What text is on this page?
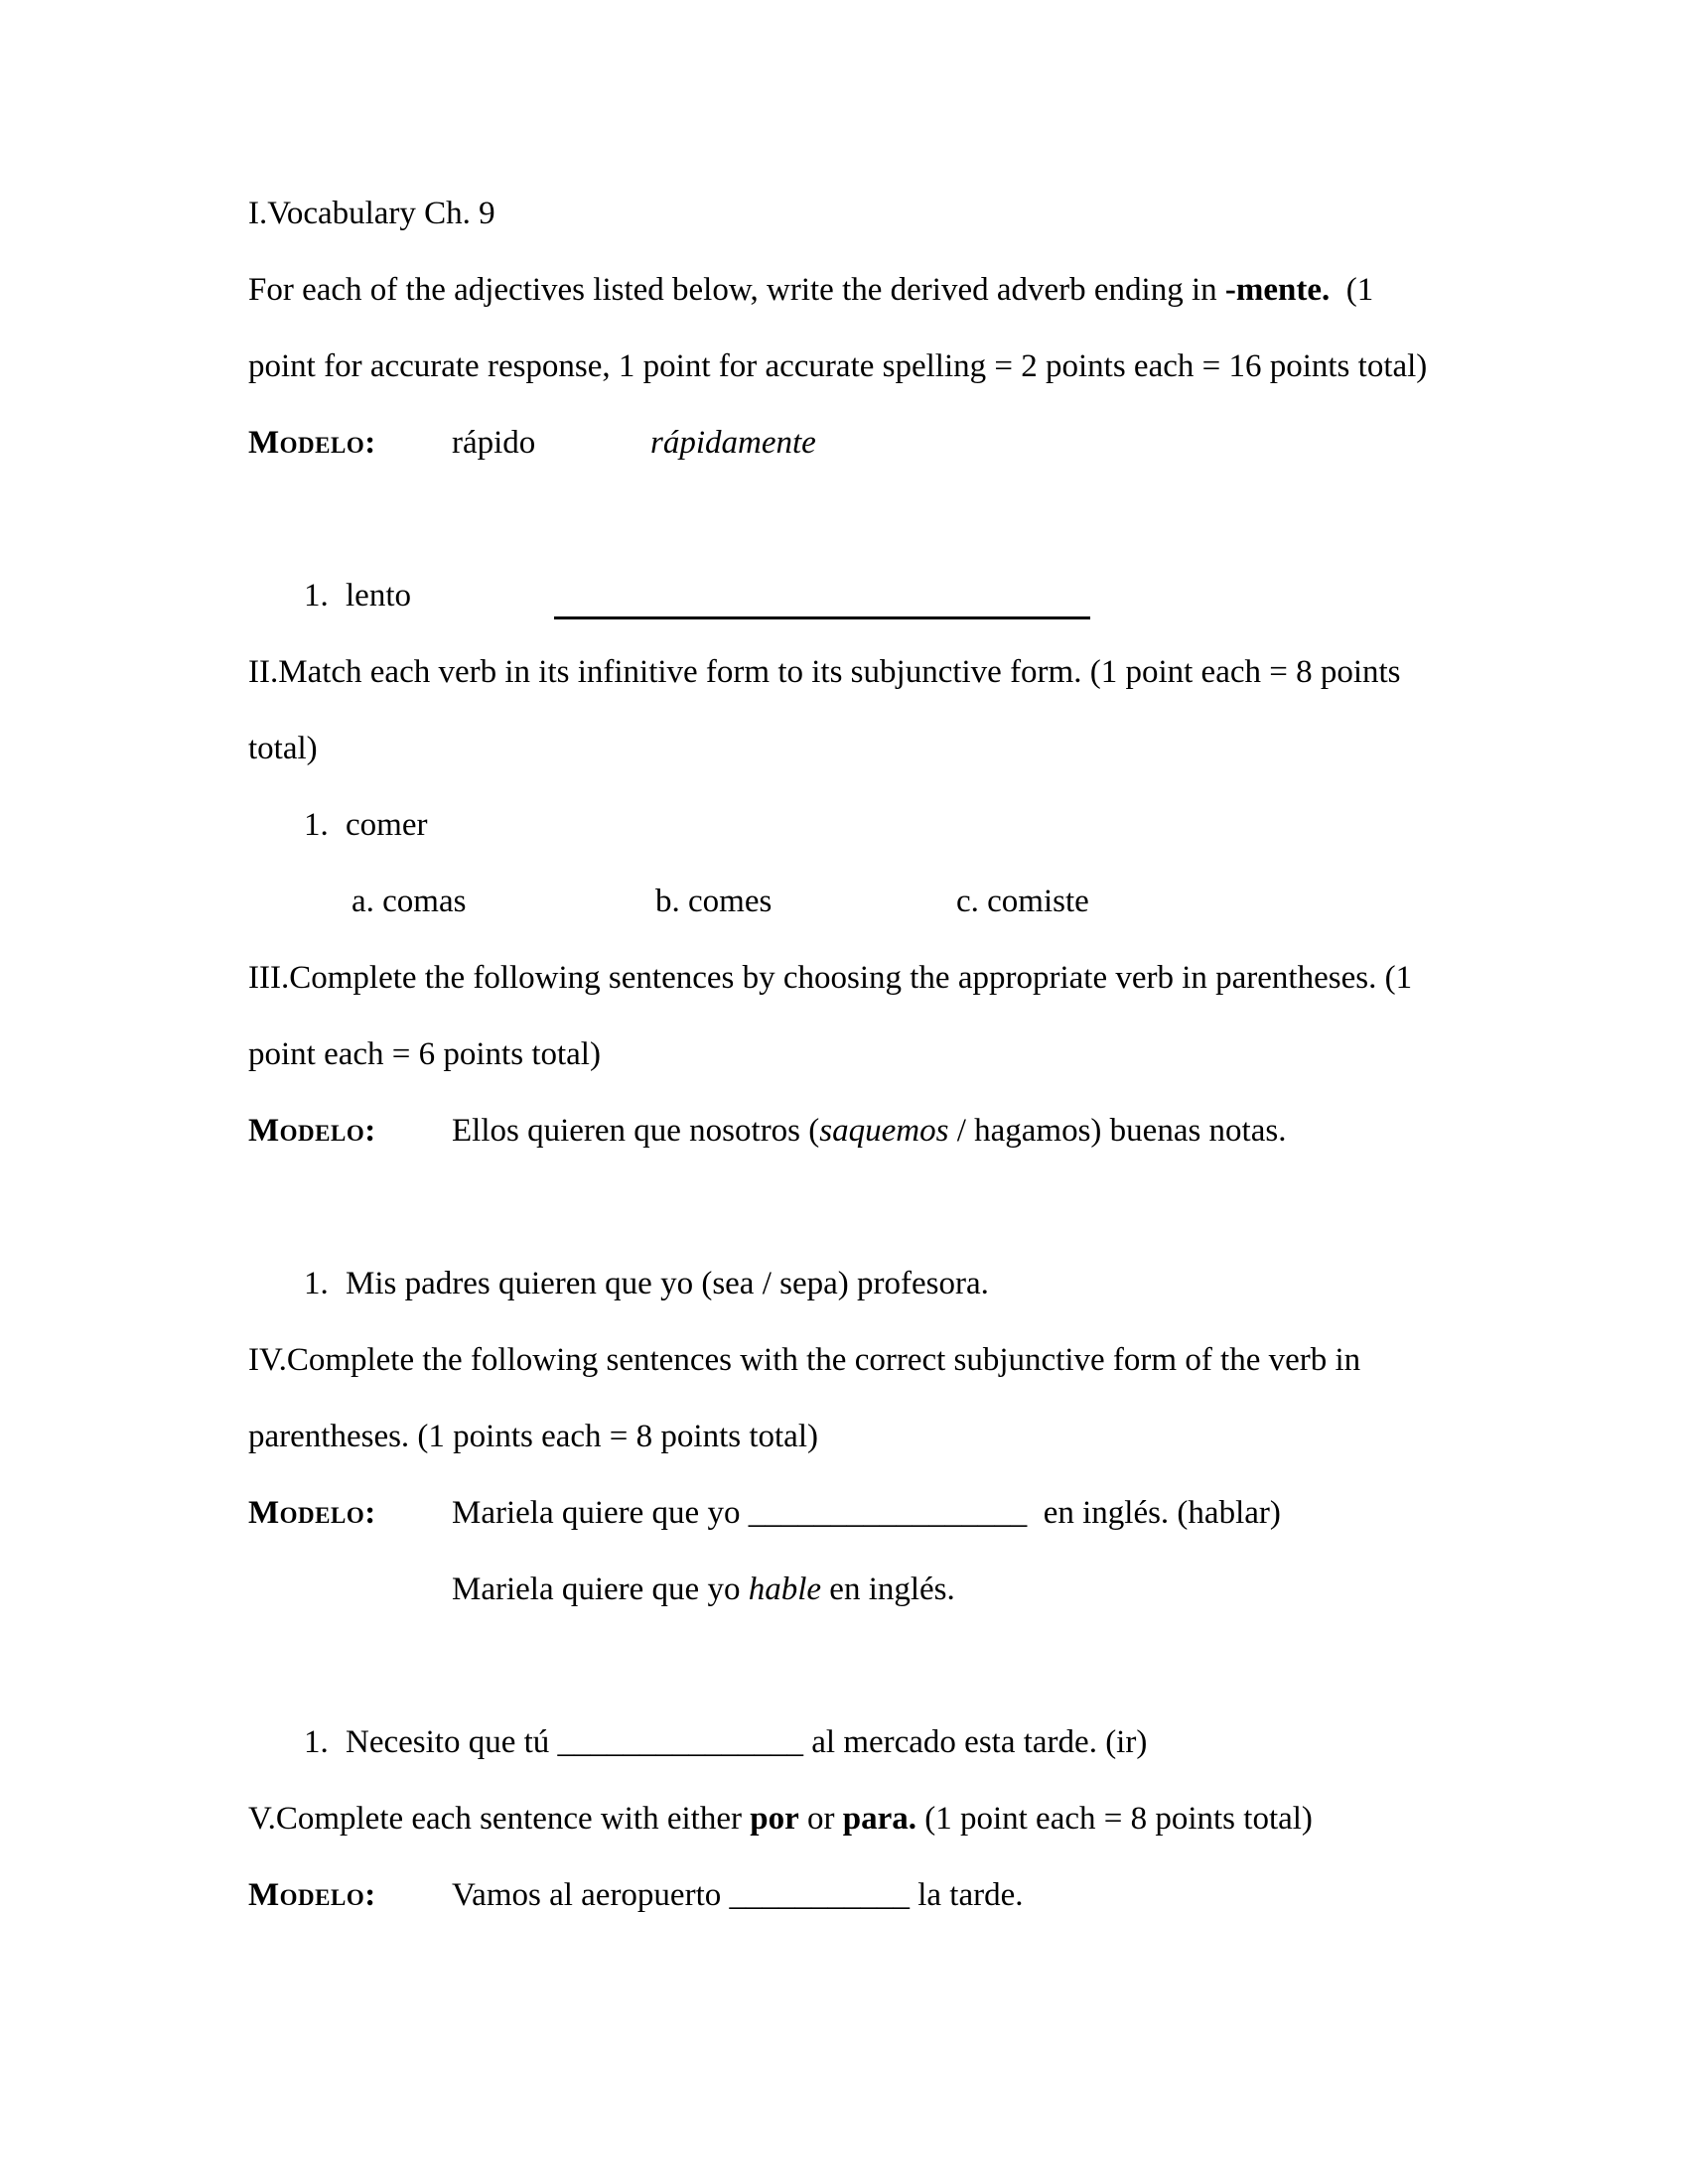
I.Vocabulary Ch. 9
For each of the adjectives listed below, write the derived adverb ending in -mente.  (1
point for accurate response, 1 point for accurate spelling = 2 points each = 16 points total)
Modelo: rápido	rápidamente
1. lento
II.Match each verb in its infinitive form to its subjunctive form. (1 point each = 8 points
total)
1. comer
a. comas	b. comes	c. comiste
III.Complete the following sentences by choosing the appropriate verb in parentheses. (1
point each = 6 points total)
Modelo: Ellos quieren que nosotros (saquemos / hagamos) buenas notas.
1. Mis padres quieren que yo (sea / sepa) profesora.
IV.Complete the following sentences with the correct subjunctive form of the verb in
parentheses. (1 points each = 8 points total)
Modelo: Mariela quiere que yo _________________  en inglés. (hablar)
Mariela quiere que yo hable en inglés.
1. Necesito que tú _______________ al mercado esta tarde. (ir)
V.Complete each sentence with either por or para. (1 point each = 8 points total)
Modelo: Vamos al aeropuerto ___________ la tarde.
